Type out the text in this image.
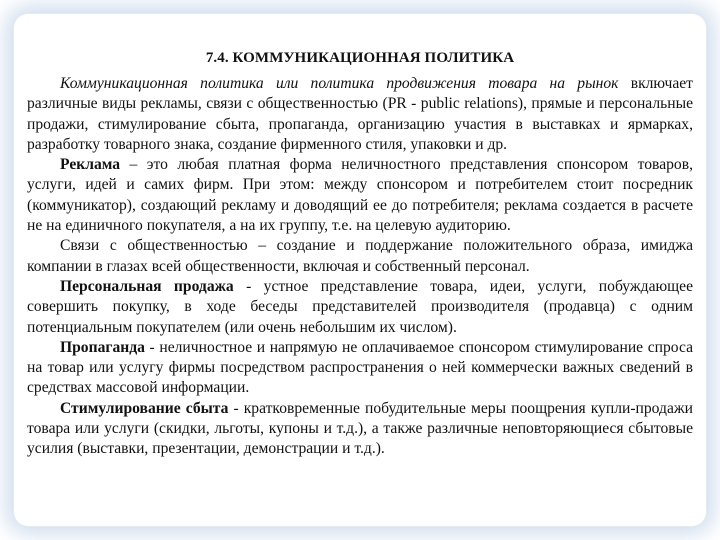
7.4. КОММУНИКАЦИОННАЯ ПОЛИТИКА

Коммуникационная политика или политика продвижения товара на рынок включает различные виды рекламы, связи с общественностью (PR - public relations), прямые и персональные продажи, стимулирование сбыта, пропаганда, организацию участия в выставках и ярмарках, разработку товарного знака, создание фирменного стиля, упаковки и др.

Реклама – это любая платная форма неличностного представления спонсором товаров, услуги, идей и самих фирм. При этом: между спонсором и потребителем стоит посредник (коммуникатор), создающий рекламу и доводящий ее до потребителя; реклама создается в расчете не на единичного покупателя, а на их группу, т.е. на целевую аудиторию.

Связи с общественностью – создание и поддержание положительного образа, имиджа компании в глазах всей общественности, включая и собственный персонал.

Персональная продажа - устное представление товара, идеи, услуги, побуждающее совершить покупку, в ходе беседы представителей производителя (продавца) с одним потенциальным покупателем (или очень небольшим их числом).

Пропаганда - неличностное и напрямую не оплачиваемое спонсором стимулирование спроса на товар или услугу фирмы посредством распространения о ней коммерчески важных сведений в средствах массовой информации.

Стимулирование сбыта - кратковременные побудительные меры поощрения купли-продажи товара или услуги (скидки, льготы, купоны и т.д.), а также различные неповторяющиеся сбытовые усилия (выставки, презентации, демонстрации и т.д.).
